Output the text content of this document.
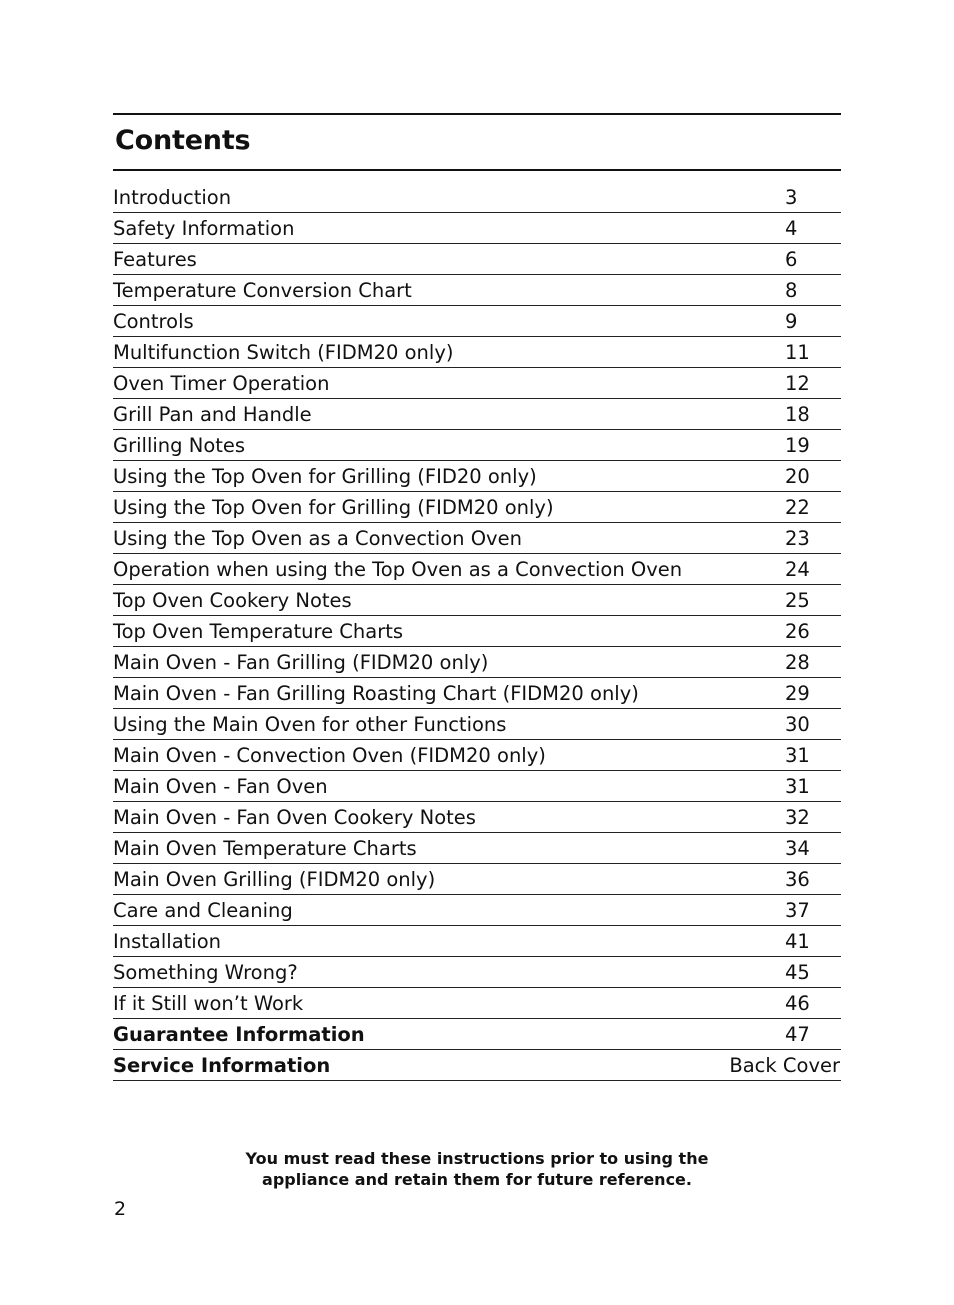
Contents
Introduction	3
Safety Information	4
Features	6
Temperature Conversion Chart	8
Controls	9
Multifunction Switch (FIDM20 only)	11
Oven Timer Operation	12
Grill Pan and Handle	18
Grilling Notes	19
Using the Top Oven for Grilling (FID20 only)	20
Using the Top Oven for Grilling (FIDM20 only)	22
Using the Top Oven as a Convection Oven	23
Operation when using the Top Oven as a Convection Oven	24
Top Oven Cookery Notes	25
Top Oven Temperature Charts	26
Main Oven - Fan Grilling (FIDM20 only)	28
Main Oven - Fan Grilling Roasting Chart (FIDM20 only)	29
Using the Main Oven for other Functions	30
Main Oven - Convection Oven (FIDM20 only)	31
Main Oven - Fan Oven	31
Main Oven - Fan Oven Cookery Notes	32
Main Oven Temperature Charts	34
Main Oven Grilling (FIDM20 only)	36
Care and Cleaning	37
Installation	41
Something Wrong?	45
If it Still won’t Work	46
Guarantee Information	47
Service Information	Back Cover
You must read these instructions prior to using the
appliance and retain them for future reference.
2
